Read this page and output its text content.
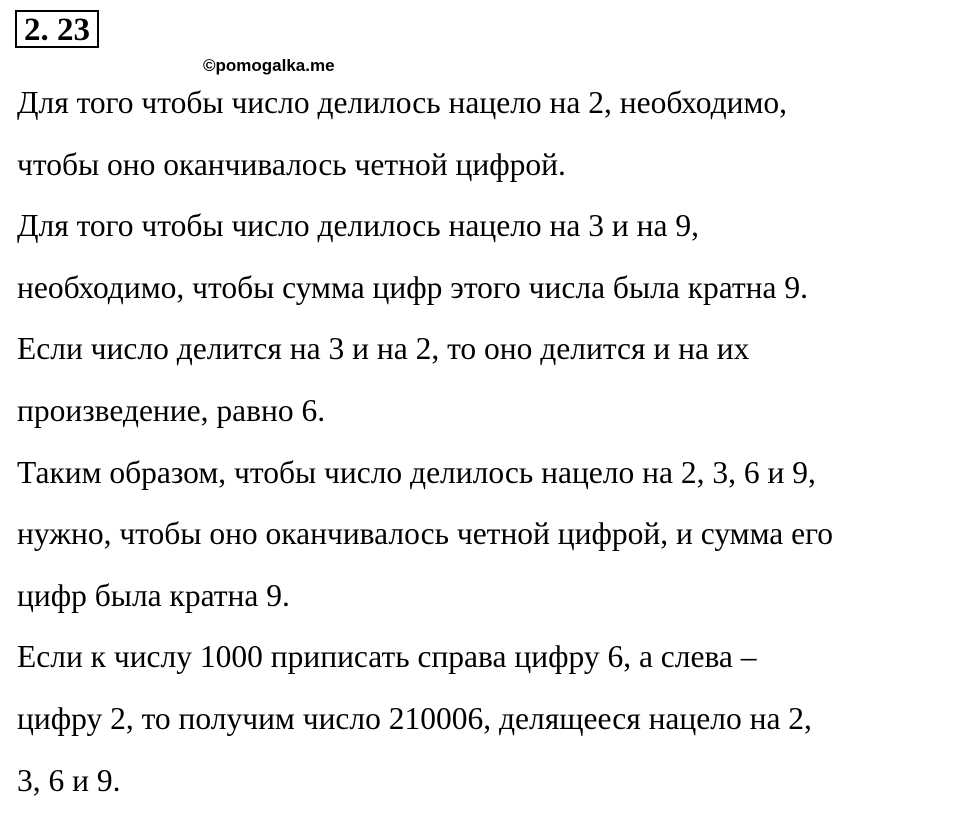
2. 23
©pomogalka.me
Для того чтобы число делилось нацело на 2, необходимо,
чтобы оно оканчивалось четной цифрой.
Для того чтобы число делилось нацело на 3 и на 9,
необходимо, чтобы сумма цифр этого числа была кратна 9.
Если число делится на 3 и на 2, то оно делится и на их
произведение, равно 6.
Таким образом, чтобы число делилось нацело на 2, 3, 6 и 9,
нужно, чтобы оно оканчивалось четной цифрой, и сумма его
цифр была кратна 9.
Если к числу 1000 приписать справа цифру 6, а слева –
цифру 2, то получим число 210006, делящееся нацело на 2,
3, 6 и 9.
